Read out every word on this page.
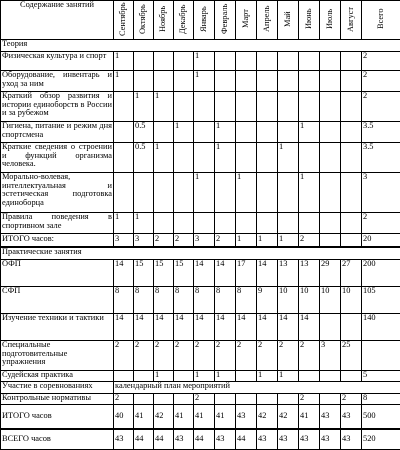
Содержание занятий	Сентябрь	Октябрь	Ноябрь	Декабрь	Январь	Февраль	Март	Апрель	Май	Июнь	Июль	Август	Всего

Теория													
Физическая культура и спорт	1				1								2
Оборудование, инвентарь и уход за ним	1				1								2
Краткий обзор развития и истории единоборств в России и за рубежом		1	1										2
Гигиена, питание и режим дня спортсмена		0.5		1		1				1			3.5
Краткие сведения о строении и функций организма человека.		0.5	1			1			1				3.5
Морально-волевая, интеллектуальная и эстетическая подготовка единоборца					1		1			1			3
Правила поведения в спортивном зале	1	1											2
ИТОГО часов:	3	3	2	2	3	2	1	1	1	2			20
Практические занятия													
ОФП	14	15	15	15	14	14	17	14	13	13	29	27	200
СФП	8	8	8	8	8	8	8	9	10	10	10	10	105
Изучение техники и тактики	14	14	14	14	14	14	14	14	14	14			140
Специальные подготовительные упражнения	2	2	2	2	2	2	2	2	2	2	3	25	
Судейская практика			1		1	1		1	1				5
Участие в соревнованиях	календарный план мероприятий												
Контрольные нормативы	2				2					2		2	8
ИТОГО часов	40	41	42	41	41	41	43	42	42	41	43	43	500
ВСЕГО часов	43	44	44	43	44	43	44	43	43	43	43	43	520
